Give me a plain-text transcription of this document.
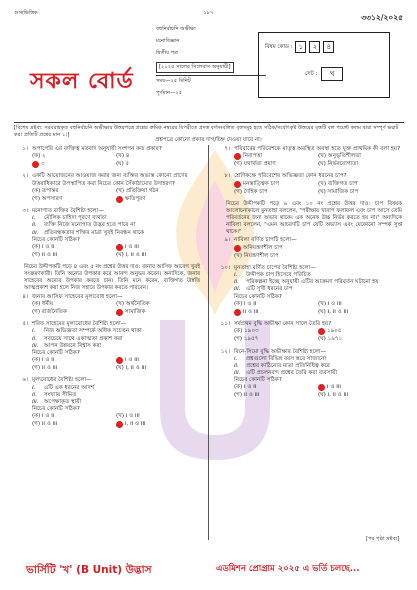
গুচ্ছভিত্তিক	১৮৭	৩৩১২/২০২৫
সকল বোর্ড
বহুনির্বাচনি অভীক্ষা
মনোবিজ্ঞান
দ্বিতীয় পত্র
[২০২৫ সালের সিলেবাস অনুযায়ী]
সময়—২৫ মিনিট
পূর্ণমান—২৫
বিষয় কোড : ১	২	৪
সেট :	খ
[বিশেষ দ্রষ্টব্য: সরবরাহকৃত বহুনির্বাচনি অভীক্ষার উত্তরপত্রে প্রশ্নের ক্রমিক নম্বরের বিপরীতে প্রদত্ত বর্ণসংবলিত বৃত্তসমূহ হতে সঠিক/সর্বোৎকৃষ্ট উত্তরের বৃত্তটি বল পয়েন্ট কলম দ্বারা সম্পূর্ণ ভরাট কর। প্রতিটি প্রশ্নের মান ১।]
প্রশ্নপত্রে কোনো প্রকার দাগ/চিহ্ন দেওয়া যাবে না।
১। অপাপেরি এর ব্যক্তিত্ব মতবাদ অনুযায়ী সংশপন কত প্রকার?
(ক) ২	(খ) ৪
৩	(ঘ) ৫
২। একটি আয়োজনের আওয়াজ করার জন্য ব্যক্তির অভ্যস্ত কোনো প্রাণের উত্তরাধিকারে উপস্থাপিত করা নিচের কোন সৈঁকাঠামোর উদাহরণ?
(ক) রূপান্তর	(খ) প্রতিক্রিয়া গঠন
(গ) অপসারণ	ক্ষতিপূরণ
৩। মনোপাত ব্যক্তির বৈশিষ্ট্য হলো—
i.	মৌলিক চাহিদা পূরণে ব্যর্থতা
ii.	ব্যক্তি নিজে মনোপাত উদ্ভব হতে পারে না
iii. প্রতিবন্ধকতার শক্তির মাত্রা খুবই নিবন্ধন থাকে
নিচের কোনটি সঠিক?
(ক) i ও ii	i ও iii
(গ) ii ও iii	(ঘ) i, ii ও iii
নিচের উদ্দীপকটি পড়ে ৪ এবং ৫ নং প্রশ্নের উত্তর দাও: জনাব আসিফ আবেগ খুবই সংক্রমণকারী। তিনি অন্যের উপকার করে আনন্দ অনুভব করেন। অন্যদিকে, জনাব সাহেবের অন্যের উপকার করতে চান। তিনি মনে করেন, ব্যক্তিগত উন্নতি আত্মপ্রকাশ করা হলে নিজ সহায়ে উপকার করতে পারবেন।
৪। জনাব আসিফ সাহেবের মূল্যবোধ হলো—
(ক) ধর্মীয়	(খ) অর্থনৈতিক
(গ) রাজনৈতিক	সামাজিক
৫। শরিফ সাহেবের মূল্যবোধের বৈশিষ্ট্য হলো—
i.	নিজ অভিজ্ঞতা সম্পর্কে অধিক সচেতন থাকা
ii.	সবচেয়ে সাথে একাত্মতা প্রকাশ করা
iii. আপন উন্নয়নে বিশ্বাস করা
নিচের কোনটি সঠিক?
(ক) i ও ii	i ও iii
(গ) ii ও iii	(ঘ) i, ii ও iii
৬। মূল্যবোধের বৈশিষ্ট্য হলো—
i.	এটি এক ধরনের আদর্শ
ii.	সংখ্যায় সীমিত
iii. অপেক্ষাকৃত স্থায়ী
নিচের কোনটি সঠিক?
(ক) i ও ii	(খ) i ও iii
(গ) ii ও iii	i, ii ও iii
৭। পরিবারের পরিবেশকে মাতৃত্ব অবস্থিত অবস্থা হতে যুক্ত প্রাথমিক কী বলা হয়?
নিরাপত্তা	(খ) অনুভূতিশীলতা
(গ) যথার্থতা প্রমাণ	(ঘ) নির্ভরযোগ্যতা
৮। শ্রেণিকক্ষে পরিবেশের অভিজ্ঞতা কোন ধরনের চাপ?
মনস্তাত্ত্বিক চাপ	(খ) ব্যক্তিগত চাপ
(গ) দৈহিক চাপ	(ঘ) সামাজিক চাপ
নিচের উদ্দীপকটি পড়ে ৯ এবং ১০ নং প্রশ্নের উত্তর দাও: চাপ বিষয়ক আলোচনাকালে মুনতাহা বললেন, "পরীক্ষায় খারাপ ফলাফল এবং চাপ আসে তেমি পরিবর্তনের জন্য অভাব থাকে। এক অনেক উচ্চ নির্ভর করতে হয় না।" অন্যদিকে নাবিলা বললেন, "এমন আচরণটি চাপ যেটি অভ্যাস এবং যেকোনো সম্পর্ক সুপ্ত থাকে।"
৯। নাবিলা বর্ণিত চাপটি হলো—
অনিয়ন্ত্রণশীল চাপ
(খ) নিয়ন্ত্রণশীল চাপ
১০। মুনতাহা বর্ণিত চাপের বৈশিষ্ট্য হলো—
i.	উদ্দীপক চাপ হিসেবে পরিচিত
ii.	পরিকল্পনা ইচ্ছে অনুযায়ী এটির আক্রমণ পরিবর্তন ঘটানো হয়
iii. এটি সুখী ধরনের চাপ
নিচের কোনটি সঠিক?
(ক) i ও ii	(খ) i ও iii
ii ও iii	(ঘ) i, ii ও iii
১১। সর্বপ্রথম বুদ্ধি অভীক্ষা কোন সালে তৈরি হয়?
(ক) ১৯০৩	১৯০৫
(গ) ১৯৫৭	(ঘ) ১৯৭১
১২। বিনে-সিমো বুদ্ধি অভীক্ষার বৈশিষ্ট্য হলো—
i.	প্রশ্নগুলো বিভিন্ন বয়স স্তরে সাজানো
ii.	প্রশ্নের কাঠিন্যের মাত্রা প্রতিনিধিত্ব করে
iii. এটি প্রচলনবন্দ প্রশ্নের তৈরি করা ব্যবসায়ী
নিচের কোনটি সঠিক?
(ক) i ও ii	i ও iii
(গ) ii ও iii	(ঘ) i, ii ও iii
[পর পৃষ্ঠা দ্রষ্টব্য]
ভার্সিটি 'খ' (B Unit) উদ্ভাস	এডমিশন প্রোগ্রাম ২০২৫ এ ভর্তি চলছে...
